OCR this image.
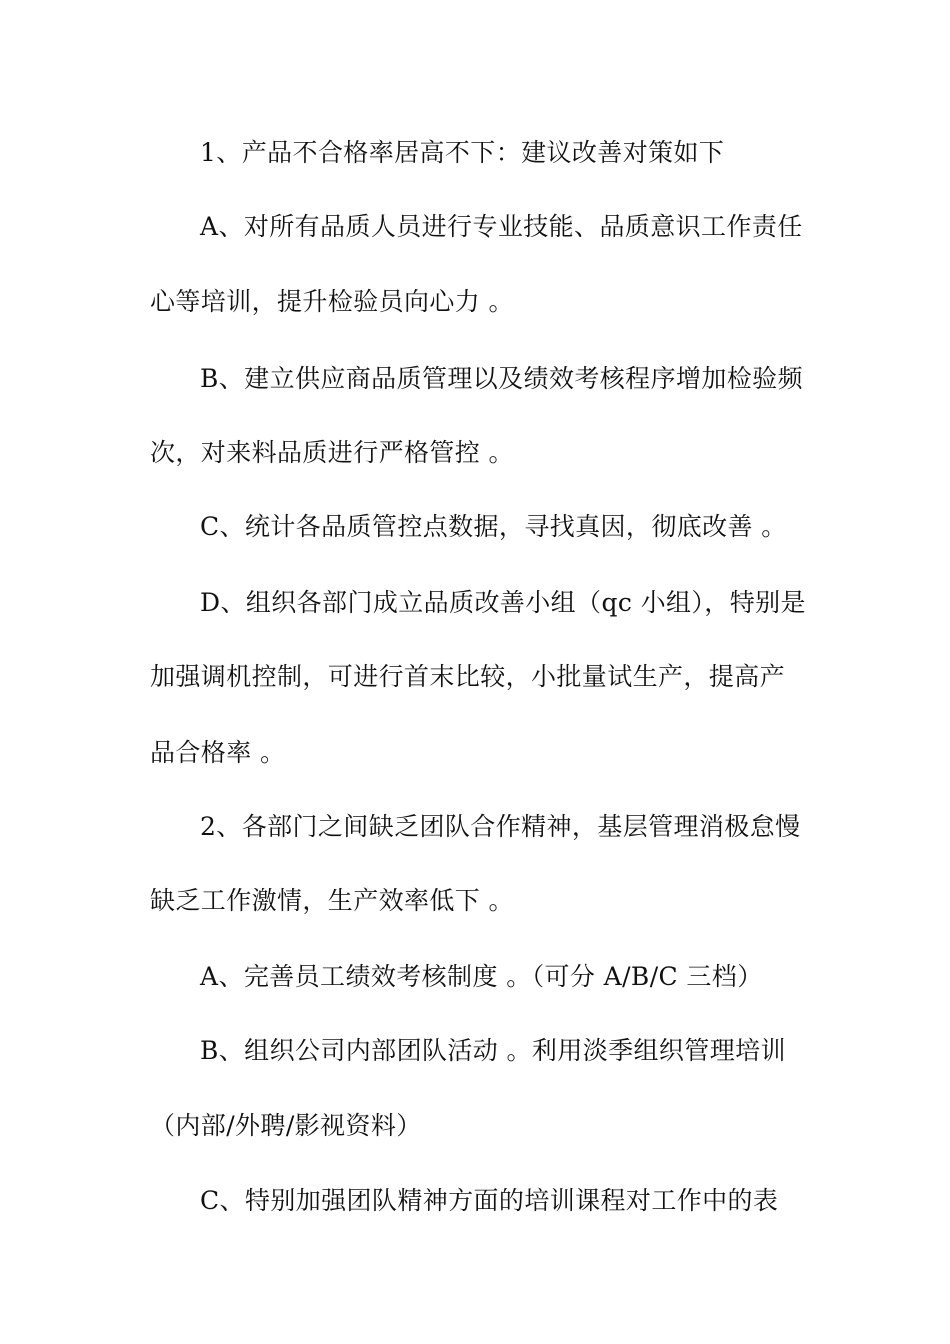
1、产品不合格率居高不下：建议改善对策如下
A、对所有品质人员进行专业技能、品质意识工作责任
心等培训，提升检验员向心力 。
B、建立供应商品质管理以及绩效考核程序增加检验频
次，对来料品质进行严格管控 。
C、统计各品质管控点数据，寻找真因，彻底改善 。
D、组织各部门成立品质改善小组（qc 小组），特别是
加强调机控制，可进行首末比较，小批量试生产，提高产
品合格率 。
2、各部门之间缺乏团队合作精神，基层管理消极怠慢
缺乏工作激情，生产效率低下 。
A、完善员工绩效考核制度 。（可分 A/B/C 三档）
B、组织公司内部团队活动 。利用淡季组织管理培训
（内部/外聘/影视资料）
C、特别加强团队精神方面的培训课程对工作中的表
